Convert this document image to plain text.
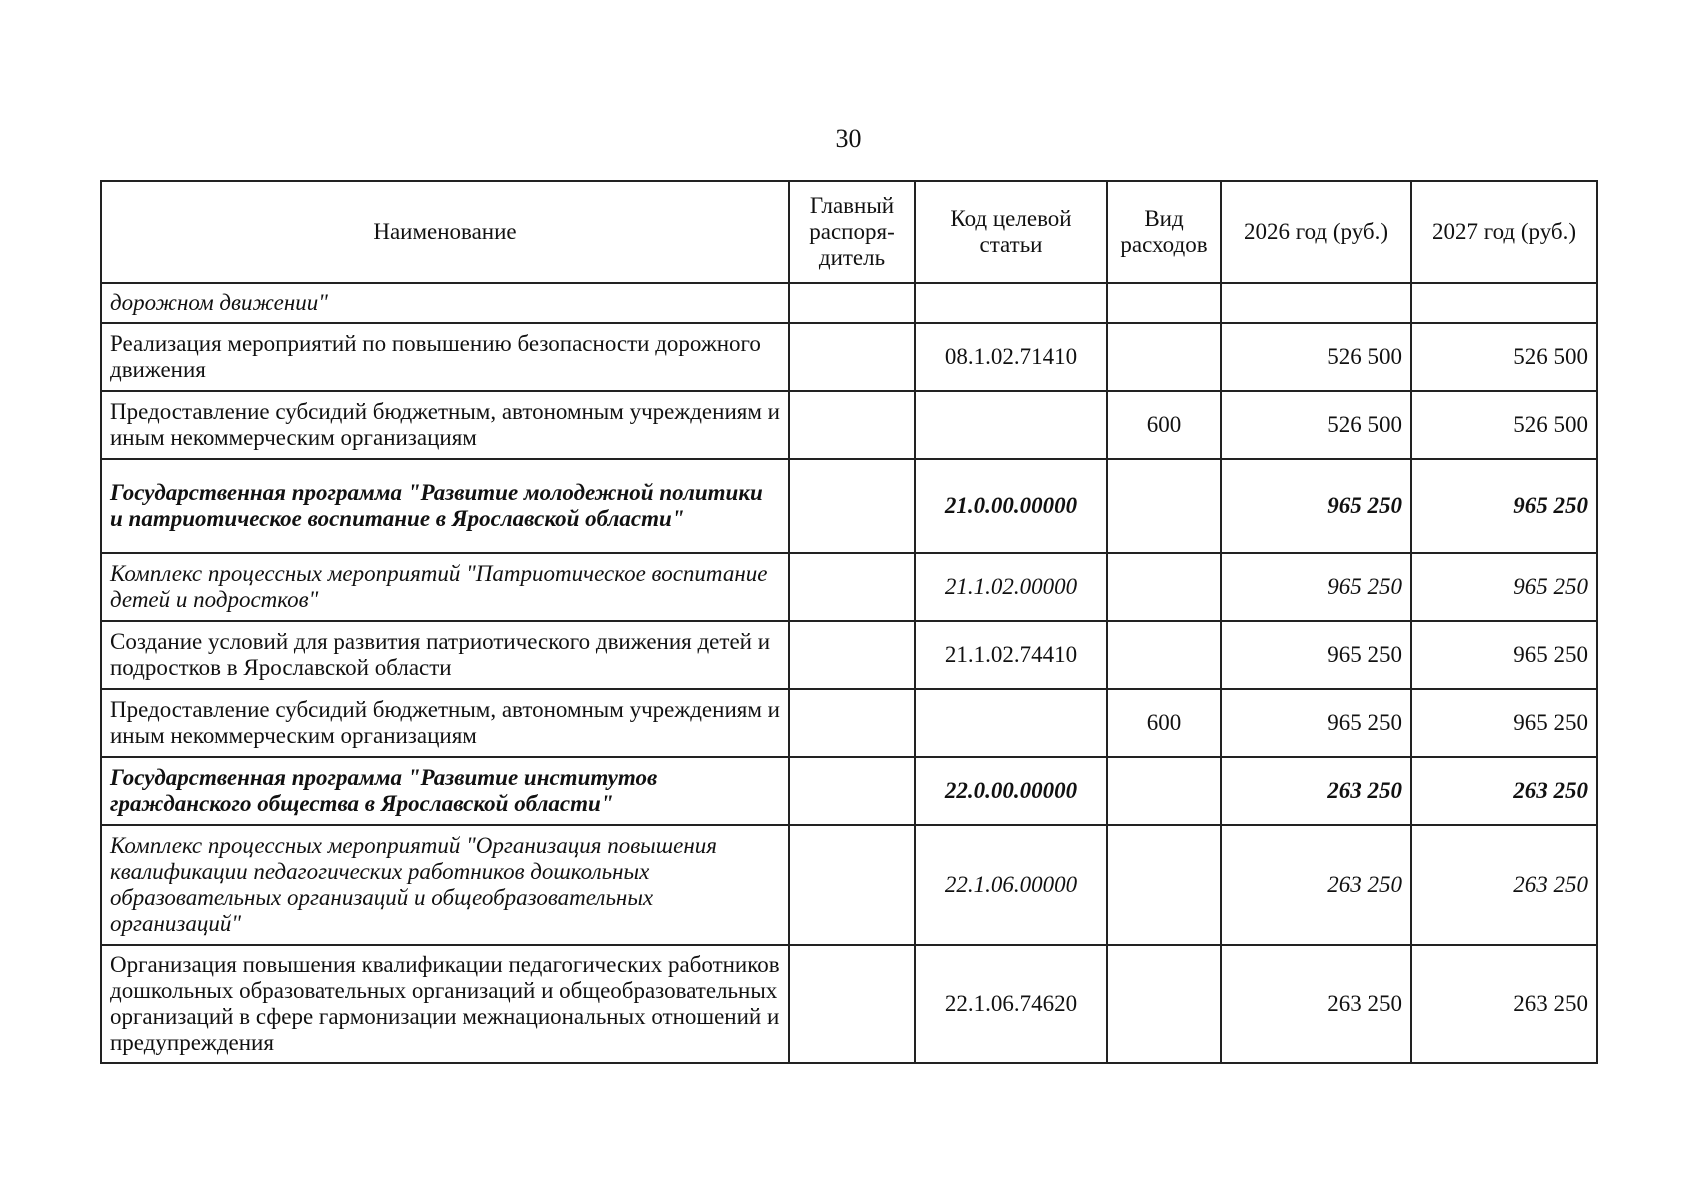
30
Наименование	Главный распоря-дитель	Код целевой статьи	Вид расходов	2026 год (руб.)	2027 год (руб.)
дорожном движении"					
Реализация мероприятий по повышению безопасности дорожного движения		08.1.02.71410		526 500	526 500
Предоставление субсидий бюджетным, автономным учреждениям и иным некоммерческим организациям			600	526 500	526 500
Государственная программа "Развитие молодежной политики и патриотическое воспитание в Ярославской области"		21.0.00.00000		965 250	965 250
Комплекс процессных мероприятий "Патриотическое воспитание детей и подростков"		21.1.02.00000		965 250	965 250
Создание условий для развития патриотического движения детей и подростков в Ярославской области		21.1.02.74410		965 250	965 250
Предоставление субсидий бюджетным, автономным учреждениям и иным некоммерческим организациям			600	965 250	965 250
Государственная программа "Развитие институтов гражданского общества в Ярославской области"		22.0.00.00000		263 250	263 250
Комплекс процессных мероприятий "Организация повышения квалификации педагогических работников дошкольных образовательных организаций и общеобразовательных организаций"		22.1.06.00000		263 250	263 250
Организация повышения квалификации педагогических работников дошкольных образовательных организаций и общеобразовательных организаций в сфере гармонизации межнациональных отношений и предупреждения		22.1.06.74620		263 250	263 250
